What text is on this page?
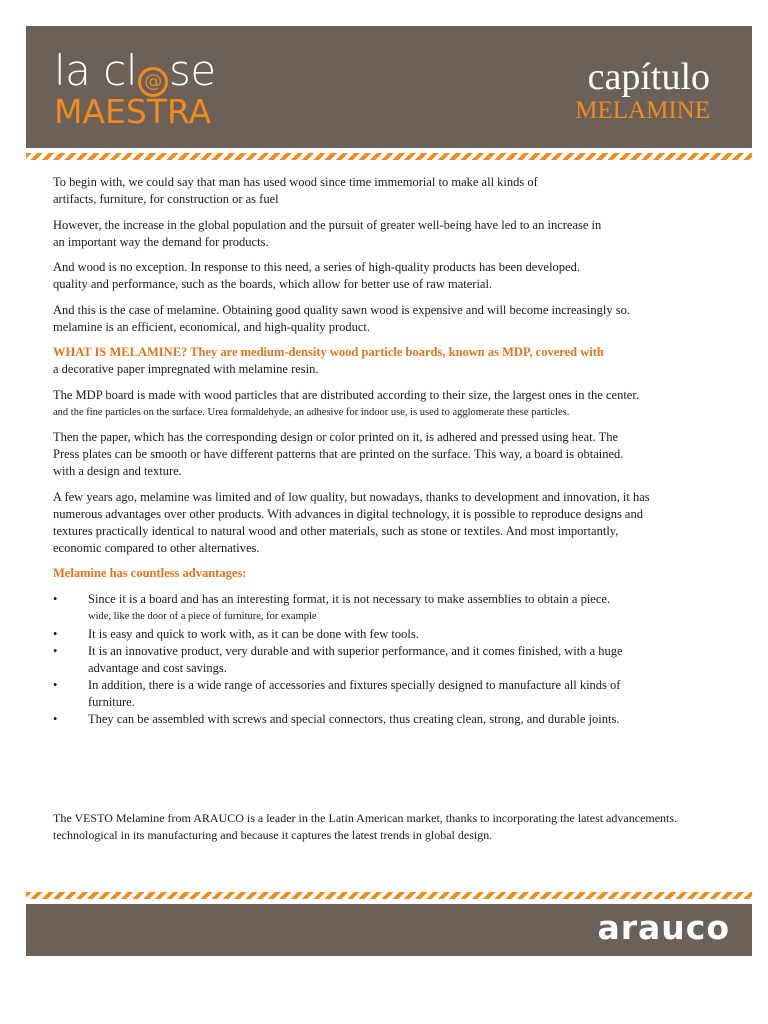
la cl @ se
MAESTRA
capítulo
MELAMINE

To begin with, we could say that man has used wood since time immemorial to make all kinds of
artifacts, furniture, for construction or as fuel

However, the increase in the global population and the pursuit of greater well-being have led to an increase in
an important way the demand for products.

And wood is no exception. In response to this need, a series of high-quality products has been developed.
quality and performance, such as the boards, which allow for better use of raw material.

And this is the case of melamine. Obtaining good quality sawn wood is expensive and will become increasingly so.
melamine is an efficient, economical, and high-quality product.

WHAT IS MELAMINE? They are medium-density wood particle boards, known as MDP, covered with
a decorative paper impregnated with melamine resin.

The MDP board is made with wood particles that are distributed according to their size, the largest ones in the center.
and the fine particles on the surface. Urea formaldehyde, an adhesive for indoor use, is used to agglomerate these particles.

Then the paper, which has the corresponding design or color printed on it, is adhered and pressed using heat. The
Press plates can be smooth or have different patterns that are printed on the surface. This way, a board is obtained.
with a design and texture.

A few years ago, melamine was limited and of low quality, but nowadays, thanks to development and innovation, it has
numerous advantages over other products. With advances in digital technology, it is possible to reproduce designs and
textures practically identical to natural wood and other materials, such as stone or textiles. And most importantly,
economic compared to other alternatives.

Melamine has countless advantages:

• Since it is a board and has an interesting format, it is not necessary to make assemblies to obtain a piece.
wide, like the door of a piece of furniture, for example
• It is easy and quick to work with, as it can be done with few tools.
• It is an innovative product, very durable and with superior performance, and it comes finished, with a huge
advantage and cost savings.
• In addition, there is a wide range of accessories and fixtures specially designed to manufacture all kinds of
furniture.
• They can be assembled with screws and special connectors, thus creating clean, strong, and durable joints.
The VESTO Melamine from ARAUCO is a leader in the Latin American market, thanks to incorporating the latest advancements.
technological in its manufacturing and because it captures the latest trends in global design.
arauco
